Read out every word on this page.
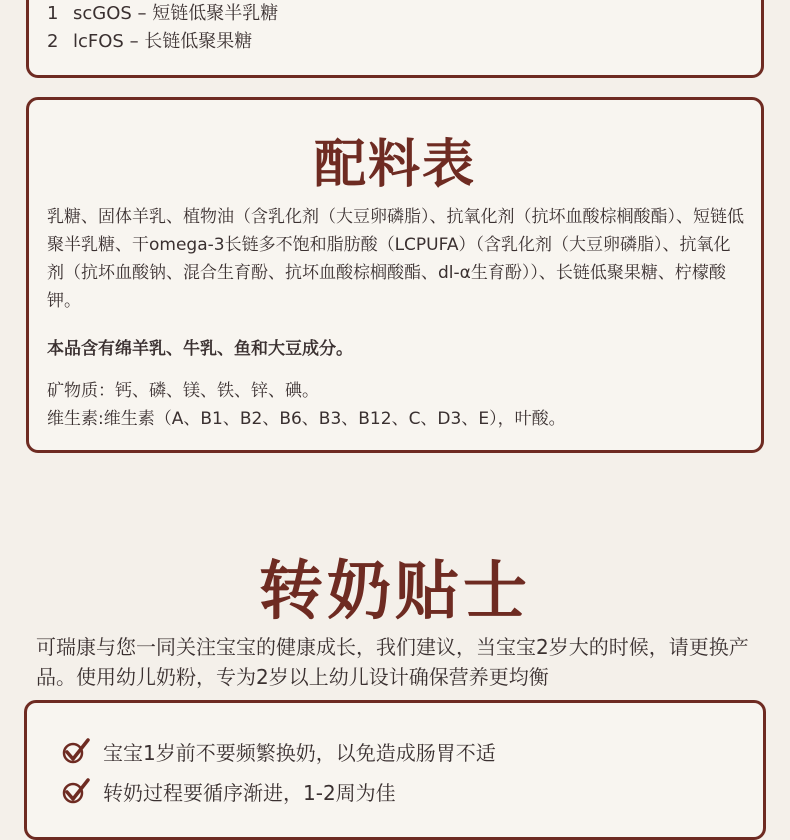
1 scGOS – 短链低聚半乳糖
2 lcFOS – 长链低聚果糖
配料表
乳糖、固体羊乳、植物油（含乳化剂（大豆卵磷脂）、抗氧化剂（抗坏血酸棕榈酸酯）、短链低聚半乳糖、干omega-3长链多不饱和脂肪酸（LCPUFA）（含乳化剂（大豆卵磷脂）、抗氧化剂（抗坏血酸钠、混合生育酚、抗坏血酸棕榈酸酯、dl-α生育酚））、长链低聚果糖、柠檬酸钾。
本品含有绵羊乳、牛乳、鱼和大豆成分。
矿物质：钙、磷、镁、铁、锌、碘。
维生素:维生素（A、B1、B2、B6、B3、B12、C、D3、E），叶酸。
转奶贴士
可瑞康与您一同关注宝宝的健康成长，我们建议，当宝宝2岁大的时候，请更换产品。使用幼儿奶粉，专为2岁以上幼儿设计确保营养更均衡
宝宝1岁前不要频繁换奶，以免造成肠胃不适
转奶过程要循序渐进，1-2周为佳
